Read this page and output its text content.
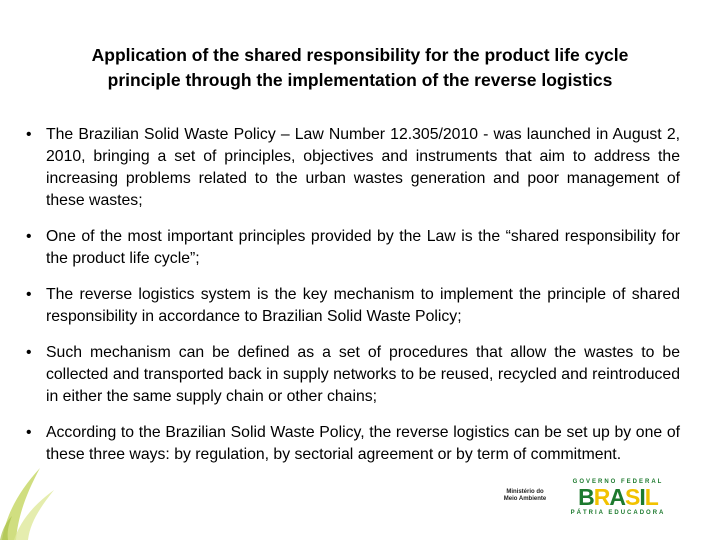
Application of the shared responsibility for the product life cycle
principle through the implementation of the reverse logistics
• The Brazilian Solid Waste Policy – Law Number 12.305/2010 - was launched in August 2, 2010, bringing a set of principles, objectives and instruments that aim to address the increasing problems related to the urban wastes generation and poor management of these wastes;
• One of the most important principles provided by the Law is the “shared responsibility for the product life cycle”;
• The reverse logistics system is the key mechanism to implement the principle of shared responsibility in accordance to Brazilian Solid Waste Policy;
• Such mechanism can be defined as a set of procedures that allow the wastes to be collected and transported back in supply networks to be reused, recycled and reintroduced in either the same supply chain or other chains;
• According to the Brazilian Solid Waste Policy, the reverse logistics can be set up by one of these three ways: by regulation, by sectorial agreement or by term of commitment.
Ministério do
Meio Ambiente
GOVERNO FEDERAL
BRASIL
PÁTRIA EDUCADORA
